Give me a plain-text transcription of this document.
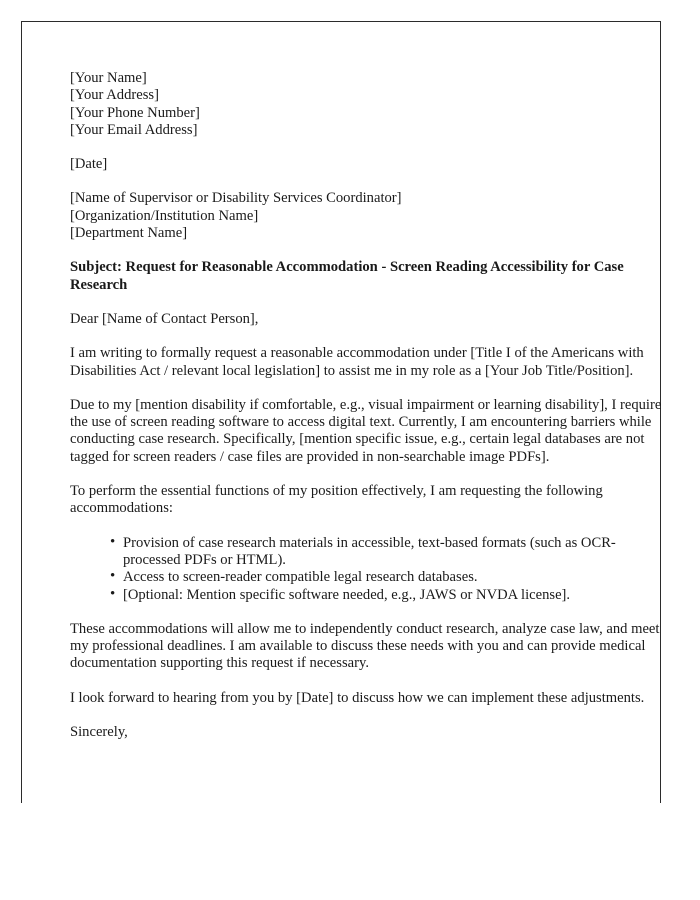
[Your Name]
[Your Address]
[Your Phone Number]
[Your Email Address]
[Date]
[Name of Supervisor or Disability Services Coordinator]
[Organization/Institution Name]
[Department Name]

Subject: Request for Reasonable Accommodation - Screen Reading Accessibility for Case Research

Dear [Name of Contact Person],

I am writing to formally request a reasonable accommodation under [Title I of the Americans with Disabilities Act / relevant local legislation] to assist me in my role as a [Your Job Title/Position].

Due to my [mention disability if comfortable, e.g., visual impairment or learning disability], I require the use of screen reading software to access digital text. Currently, I am encountering barriers while conducting case research. Specifically, [mention specific issue, e.g., certain legal databases are not tagged for screen readers / case files are provided in non-searchable image PDFs].

To perform the essential functions of my position effectively, I am requesting the following accommodations:

• Provision of case research materials in accessible, text-based formats (such as OCR-processed PDFs or HTML).
• Access to screen-reader compatible legal research databases.
• [Optional: Mention specific software needed, e.g., JAWS or NVDA license].

These accommodations will allow me to independently conduct research, analyze case law, and meet my professional deadlines. I am available to discuss these needs with you and can provide medical documentation supporting this request if necessary.

I look forward to hearing from you by [Date] to discuss how we can implement these adjustments.

Sincerely,
